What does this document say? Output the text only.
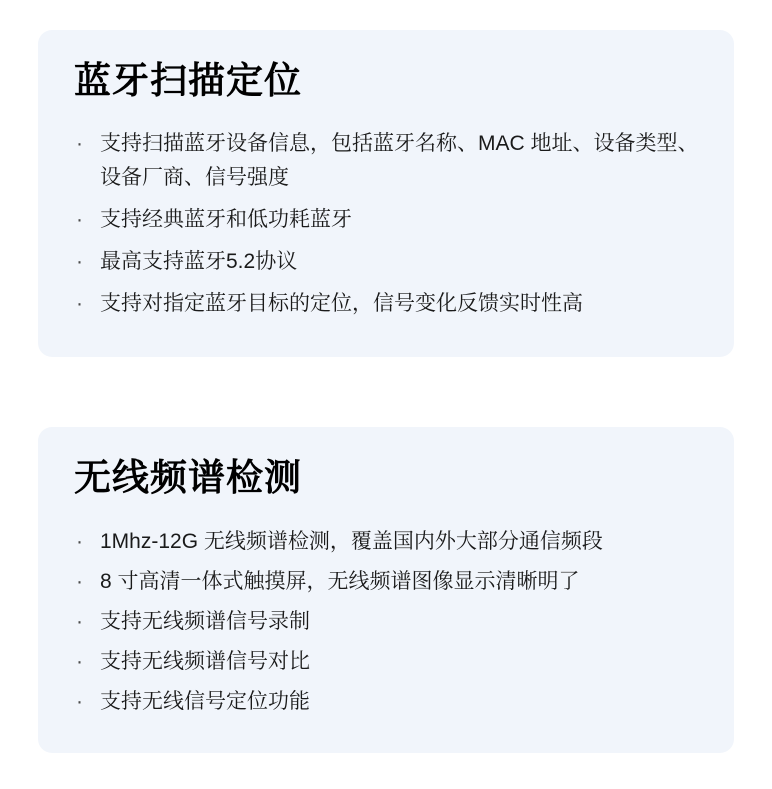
蓝牙扫描定位
· 支持扫描蓝牙设备信息，包括蓝牙名称、MAC 地址、设备类型、设备厂商、信号强度
· 支持经典蓝牙和低功耗蓝牙
· 最高支持蓝牙5.2协议
· 支持对指定蓝牙目标的定位，信号变化反馈实时性高
无线频谱检测
· 1Mhz-12G 无线频谱检测，覆盖国内外大部分通信频段
· 8 寸高清一体式触摸屏，无线频谱图像显示清晰明了
· 支持无线频谱信号录制
· 支持无线频谱信号对比
· 支持无线信号定位功能
